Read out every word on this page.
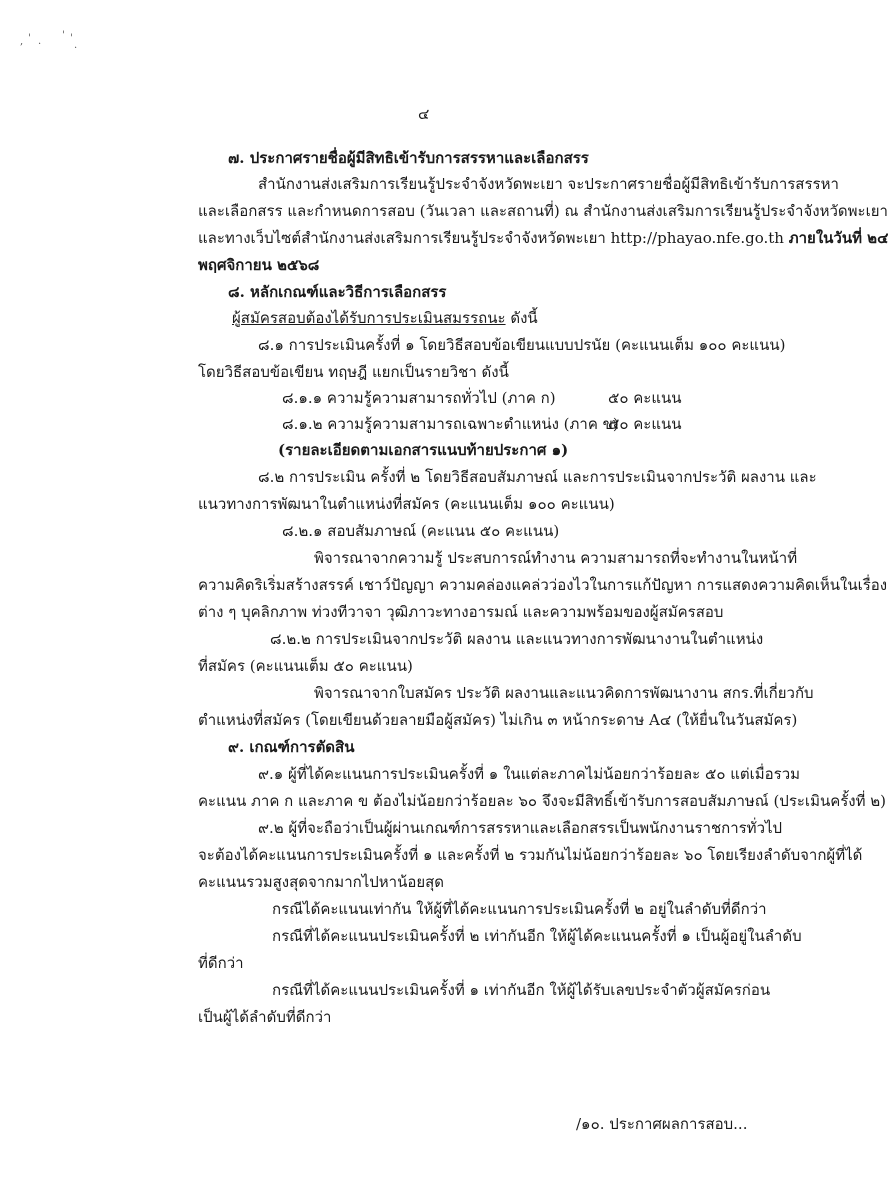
, ' .
' '
.
๔
๗. ประกาศรายชื่อผู้มีสิทธิเข้ารับการสรรหาและเลือกสรร
สำนักงานส่งเสริมการเรียนรู้ประจำจังหวัดพะเยา จะประกาศรายชื่อผู้มีสิทธิเข้ารับการสรรหา
และเลือกสรร และกำหนดการสอบ (วันเวลา และสถานที่) ณ สำนักงานส่งเสริมการเรียนรู้ประจำจังหวัดพะเยา
และทางเว็บไซต์สำนักงานส่งเสริมการเรียนรู้ประจำจังหวัดพะเยา http://phayao.nfe.go.th ภายในวันที่ ๒๔
พฤศจิกายน ๒๕๖๘
๘. หลักเกณฑ์และวิธีการเลือกสรร
ผู้สมัครสอบต้องได้รับการประเมินสมรรถนะ ดังนี้
๘.๑ การประเมินครั้งที่ ๑ โดยวิธีสอบข้อเขียนแบบปรนัย (คะแนนเต็ม ๑๐๐ คะแนน)
โดยวิธีสอบข้อเขียน ทฤษฎี แยกเป็นรายวิชา ดังนี้
๘.๑.๑ ความรู้ความสามารถทั่วไป (ภาค ก)	๕๐ คะแนน
๘.๑.๒ ความรู้ความสามารถเฉพาะตำแหน่ง (ภาค ข)
๕๐ คะแนน
(รายละเอียดตามเอกสารแนบท้ายประกาศ ๑)
๘.๒ การประเมิน ครั้งที่ ๒ โดยวิธีสอบสัมภาษณ์ และการประเมินจากประวัติ ผลงาน และ
แนวทางการพัฒนาในตำแหน่งที่สมัคร (คะแนนเต็ม ๑๐๐ คะแนน)
๘.๒.๑ สอบสัมภาษณ์ (คะแนน ๕๐ คะแนน)
พิจารณาจากความรู้ ประสบการณ์ทำงาน ความสามารถที่จะทำงานในหน้าที่
ความคิดริเริ่มสร้างสรรค์ เชาว์ปัญญา ความคล่องแคล่วว่องไวในการแก้ปัญหา การแสดงความคิดเห็นในเรื่อง
ต่าง ๆ บุคลิกภาพ ท่วงทีวาจา วุฒิภาวะทางอารมณ์ และความพร้อมของผู้สมัครสอบ
๘.๒.๒ การประเมินจากประวัติ ผลงาน และแนวทางการพัฒนางานในตำแหน่ง
ที่สมัคร (คะแนนเต็ม ๕๐ คะแนน)
พิจารณาจากใบสมัคร ประวัติ ผลงานและแนวคิดการพัฒนางาน สกร.ที่เกี่ยวกับ
ตำแหน่งที่สมัคร (โดยเขียนด้วยลายมือผู้สมัคร) ไม่เกิน ๓ หน้ากระดาษ A๔ (ให้ยื่นในวันสมัคร)
๙. เกณฑ์การตัดสิน
๙.๑ ผู้ที่ได้คะแนนการประเมินครั้งที่ ๑ ในแต่ละภาคไม่น้อยกว่าร้อยละ ๕๐ แต่เมื่อรวม
คะแนน ภาค ก และภาค ข ต้องไม่น้อยกว่าร้อยละ ๖๐ จึงจะมีสิทธิ์เข้ารับการสอบสัมภาษณ์ (ประเมินครั้งที่ ๒)
๙.๒ ผู้ที่จะถือว่าเป็นผู้ผ่านเกณฑ์การสรรหาและเลือกสรรเป็นพนักงานราชการทั่วไป
จะต้องได้คะแนนการประเมินครั้งที่ ๑ และครั้งที่ ๒ รวมกันไม่น้อยกว่าร้อยละ ๖๐ โดยเรียงลำดับจากผู้ที่ได้
คะแนนรวมสูงสุดจากมากไปหาน้อยสุด
กรณีได้คะแนนเท่ากัน ให้ผู้ที่ได้คะแนนการประเมินครั้งที่ ๒ อยู่ในลำดับที่ดีกว่า
กรณีที่ได้คะแนนประเมินครั้งที่ ๒ เท่ากันอีก ให้ผู้ได้คะแนนครั้งที่ ๑ เป็นผู้อยู่ในลำดับ
ที่ดีกว่า
กรณีที่ได้คะแนนประเมินครั้งที่ ๑ เท่ากันอีก ให้ผู้ได้รับเลขประจำตัวผู้สมัครก่อน
เป็นผู้ได้ลำดับที่ดีกว่า
/๑๐. ประกาศผลการสอบ...
